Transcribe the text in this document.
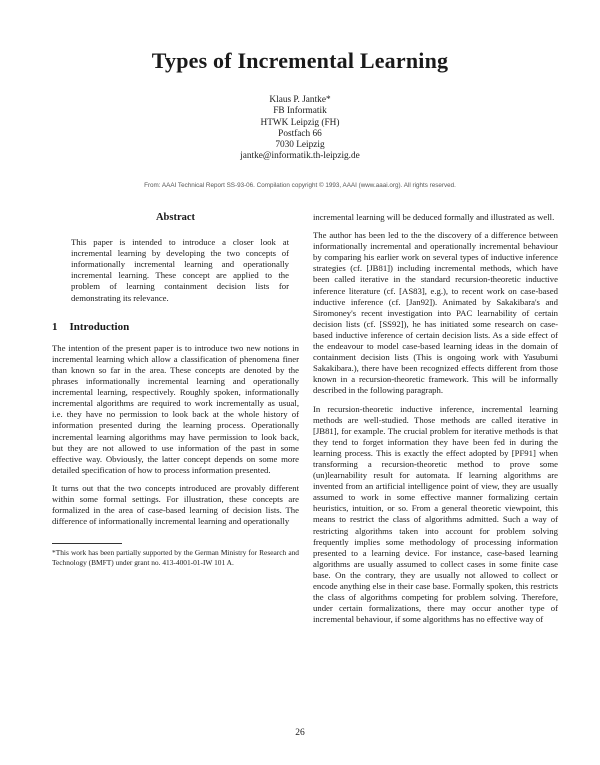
Types of Incremental Learning
Klaus P. Jantke*
FB Informatik
HTWK Leipzig (FH)
Postfach 66
7030 Leipzig
jantke@informatik.th-leipzig.de
From: AAAI Technical Report SS-93-06. Compilation copyright © 1993, AAAI (www.aaai.org). All rights reserved.
Abstract

This paper is intended to introduce a closer look at incremental learning by developing the two concepts of informationally incremental learning and operationally incremental learning. These concept are applied to the problem of learning containment decision lists for demonstrating its relevance.

1 Introduction

The intention of the present paper is to introduce two new notions in incremental learning which allow a classification of phenomena finer than known so far in the area. These concepts are denoted by the phrases informationally incremental learning and operationally incremental learning, respectively. Roughly spoken, informationally incremental algorithms are required to work incrementally as usual, i.e. they have no permission to look back at the whole history of information presented during the learning process. Operationally incremental learning algorithms may have permission to look back, but they are not allowed to use information of the past in some effective way. Obviously, the latter concept depends on some more detailed specification of how to process information presented.

It turns out that the two concepts introduced are provably different within some formal settings. For illustration, these concepts are formalized in the area of case-based learning of decision lists. The difference of informationally incremental learning and operationally

*This work has been partially supported by the German Ministry for Research and Technology (BMFT) under grant no. 413-4001-01-IW 101 A.

incremental learning will be deduced formally and illustrated as well.

The author has been led to the the discovery of a difference between informationally incremental and operationally incremental behaviour by comparing his earlier work on several types of inductive inference strategies (cf. [JB81]) including incremental methods, which have been called iterative in the standard recursion-theoretic inductive inference literature (cf. [AS83], e.g.), to recent work on case-based inductive inference (cf. [Jan92]). Animated by Sakakibara's and Siromoney's recent investigation into PAC learnability of certain decision lists (cf. [SS92]), he has initiated some research on case-based inductive inference of certain decision lists. As a side effect of the endeavour to model case-based learning ideas in the domain of containment decision lists (This is ongoing work with Yasubumi Sakakibara.), there have been recognized effects different from those known in a recursion-theoretic framework. This will be informally described in the following paragraph.

In recursion-theoretic inductive inference, incremental learning methods are well-studied. Those methods are called iterative in [JB81], for example. The crucial problem for iterative methods is that they tend to forget information they have been fed in during the learning process. This is exactly the effect adopted by [PF91] when transforming a recursion-theoretic method to prove some (un)learnability result for automata. If learning algorithms are invented from an artificial intelligence point of view, they are usually assumed to work in some effective manner formalizing certain heuristics, intuition, or so. From a general theoretic viewpoint, this means to restrict the class of algorithms admitted. Such a way of restricting algorithms taken into account for problem solving frequently implies some methodology of processing information presented to a learning device. For instance, case-based learning algorithms are usually assumed to collect cases in some finite case base. On the contrary, they are usually not allowed to collect or encode anything else in their case base. Formally spoken, this restricts the class of algorithms competing for problem solving. Therefore, under certain formalizations, there may occur another type of incremental behaviour, if some algorithms has no effective way of

26
